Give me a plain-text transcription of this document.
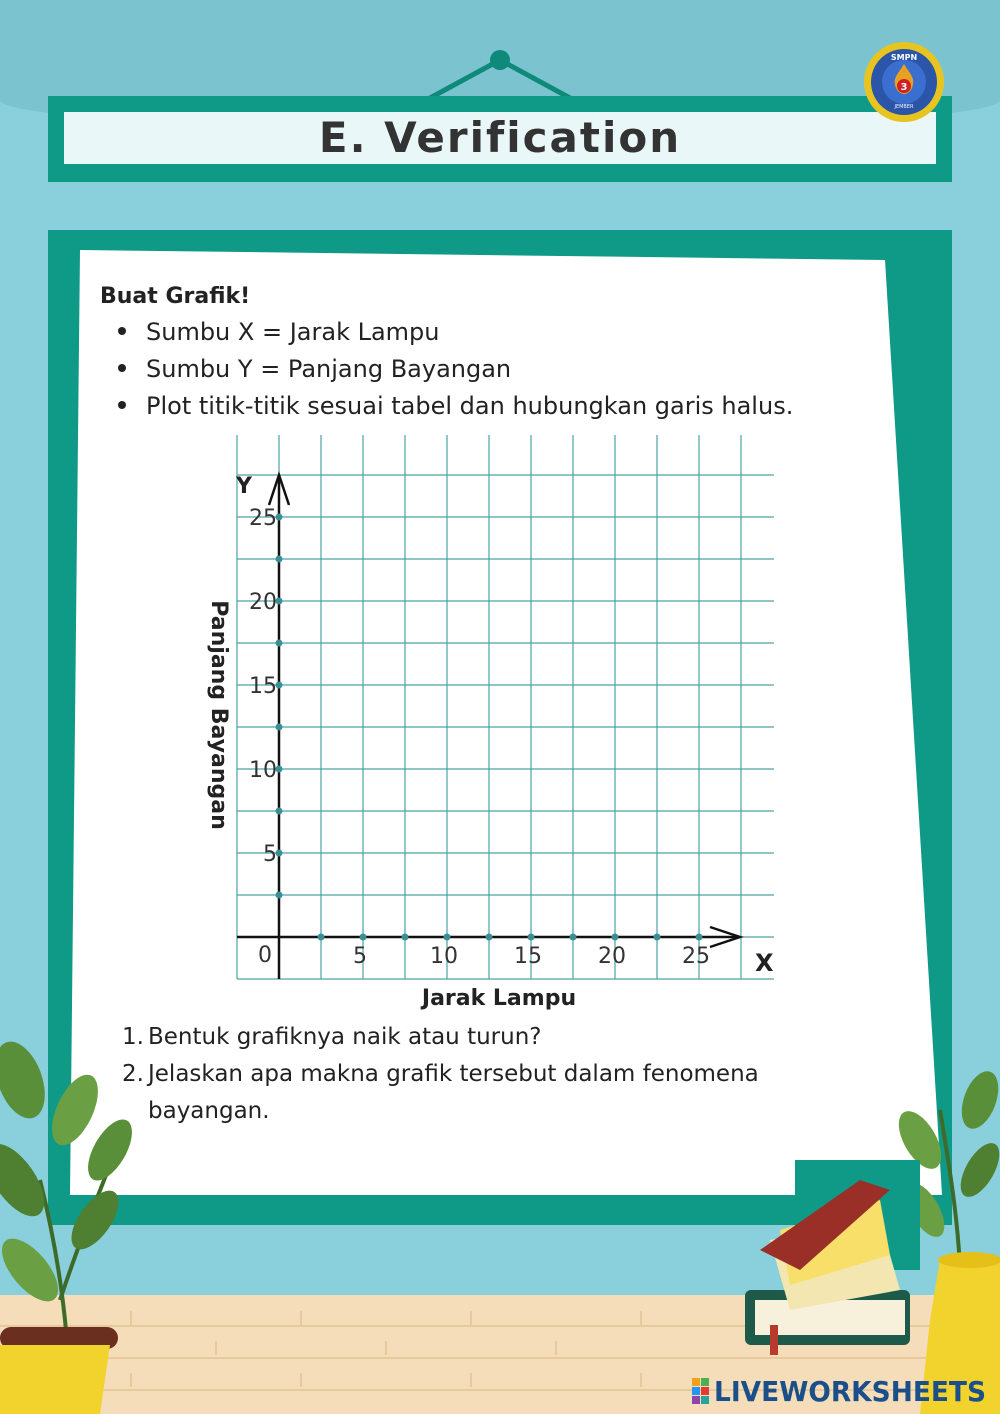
E. Verification
3
SMPN
JEMBER
Buat Grafik!
Sumbu X = Jarak Lampu
Sumbu Y = Panjang Bayangan
Plot titik-titik sesuai tabel dan hubungkan garis halus.
5	10	15	20	25
5
10
15
20
25
X
Y
0
Jarak Lampu
Panjang Bayangan
1. Bentuk grafiknya naik atau turun?
2. Jelaskan apa makna grafik tersebut dalam fenomena
bayangan.
LIVEWORKSHEETS
